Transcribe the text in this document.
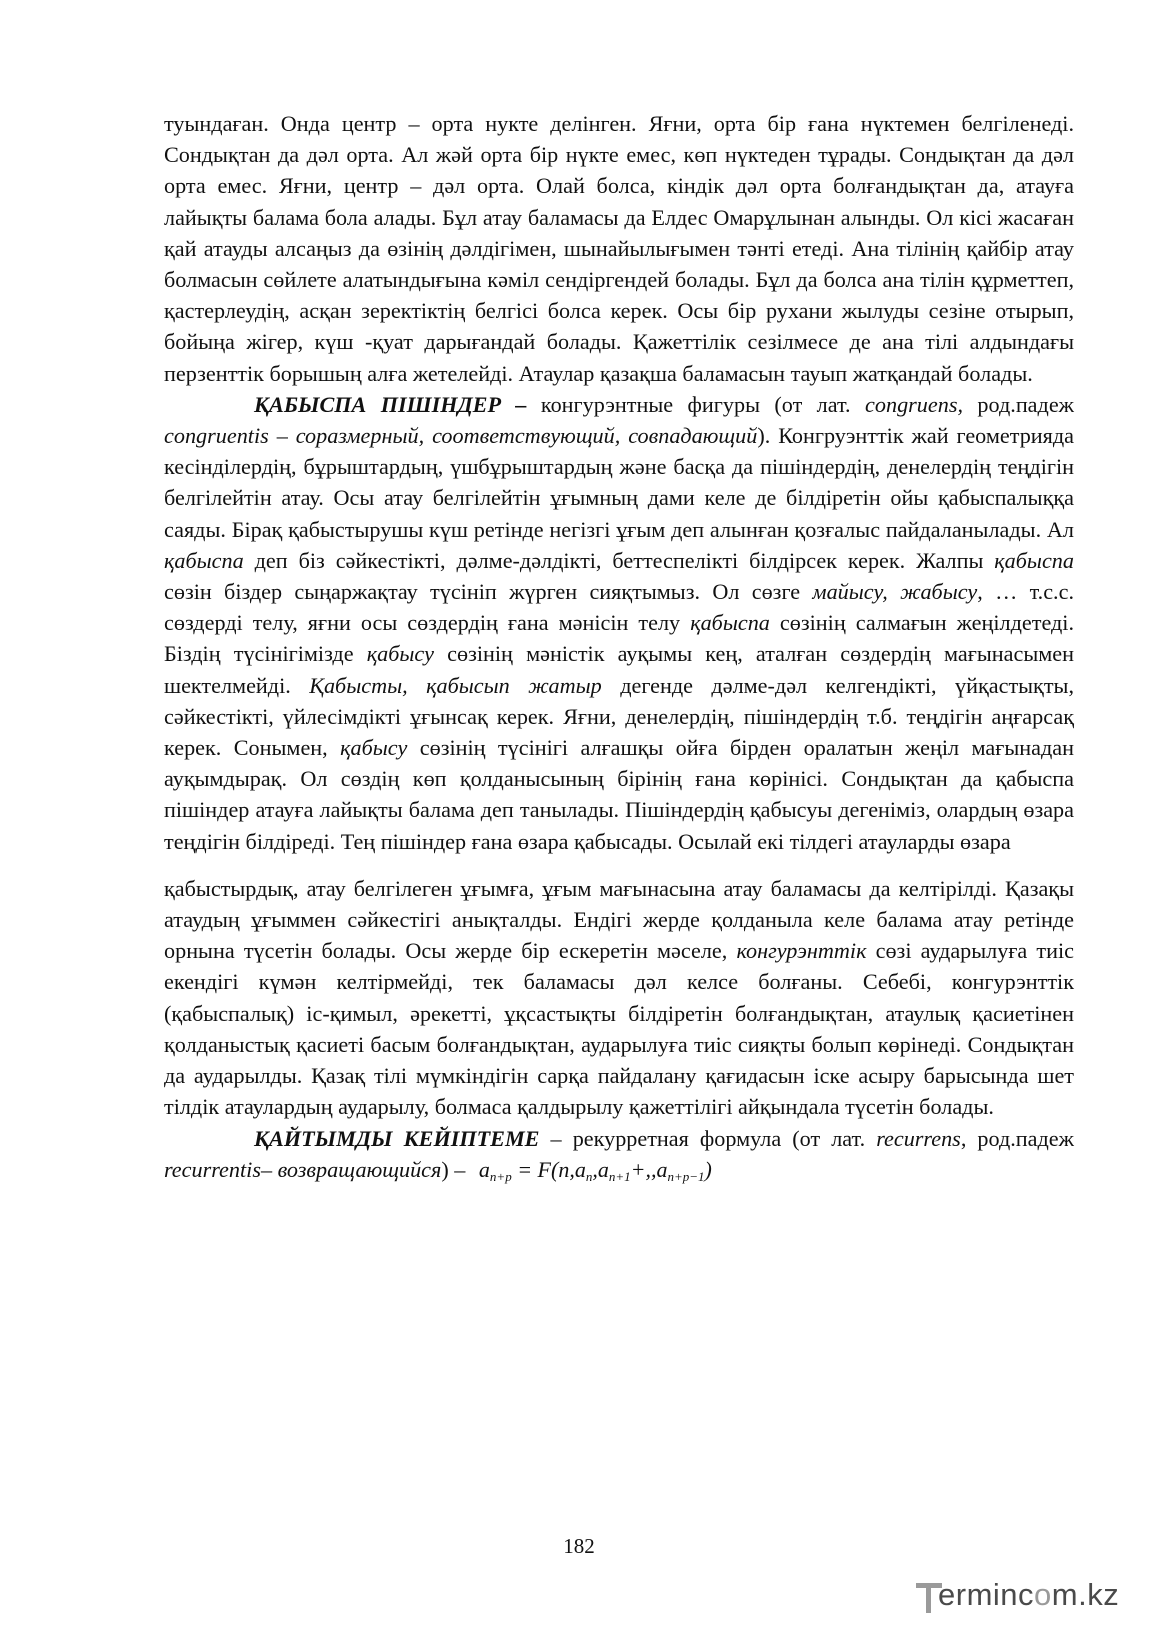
туындаған. Онда центр – орта нукте делінген. Яғни, орта бір ғана нүктемен белгіленеді. Сондықтан да дәл орта. Ал жәй орта бір нүкте емес, көп нүктеден тұрады. Сондықтан да дәл орта емес. Яғни, центр – дәл орта. Олай болса, кіндік дәл орта болғандықтан да, атауға лайықты балама бола алады. Бұл атау баламасы да Елдес Омарұлынан алынды. Ол кісі жасаған қай атауды алсаңыз да өзінің дәлдігімен, шынайылығымен тәнті етеді. Ана тілінің қайбір атау болмасын сөйлете алатындығына кәміл сендіргендей болады. Бұл да болса ана тілін құрметтеп, қастерлеудің, асқан зеректіктің белгісі болса керек. Осы бір рухани жылуды сезіне отырып, бойыңа жігер, күш -қуат дарығандай болады. Қажеттілік сезілмесе де ана тілі алдындағы перзенттік борышың алға жетелейді. Атаулар қазақша баламасын тауып жатқандай болады.

ҚАБЫСПА ПІШІНДЕР – конгурэнтные фигуры (от лат. congruens, род.падеж congruentis – соразмерный, соответствующий, совпадающий). Конгруэнттік жай геометрияда кесінділердің, бұрыштардың, үшбұрыштардың және басқа да пішіндердің, денелердің теңдігін белгілейтін атау. Осы атау белгілейтін ұғымның дами келе де білдіретін ойы қабыспалыққа саяды. Бірақ қабыстырушы күш ретінде негізгі ұғым деп алынған қозғалыс пайдаланылады. Ал қабыспа деп біз сәйкестікті, дәлме-дәлдікті, беттеспелікті білдірсек керек. Жалпы қабыспа сөзін біздер сыңаржақтау түсініп жүрген сияқтымыз. Ол сөзге майысу, жабысу, … т.с.с. сөздерді телу, яғни осы сөздердің ғана мәнісін телу қабыспа сөзінің салмағын жеңілдетеді. Біздің түсінігімізде қабысу сөзінің мәністік ауқымы кең, аталған сөздердің мағынасымен шектелмейді. Қабысты, қабысып жатыр дегенде дәлме-дәл келгендікті, үйқастықты, сәйкестікті, үйлесімдікті ұғынсақ керек. Яғни, денелердің, пішіндердің т.б. теңдігін аңғарсақ керек. Сонымен, қабысу сөзінің түсінігі алғашқы ойға бірден оралатын жеңіл мағынадан ауқымдырақ. Ол сөздің көп қолданысының бірінің ғана көрінісі. Сондықтан да қабыспа пішіндер атауға лайықты балама деп танылады. Пішіндердің қабысуы дегеніміз, олардың өзара теңдігін білдіреді. Тең пішіндер ғана өзара қабысады. Осылай екі тілдегі атауларды өзара

қабыстырдық, атау белгілеген ұғымға, ұғым мағынасына атау баламасы да келтірілді. Қазақы атаудың ұғыммен сәйкестігі анықталды. Ендігі жерде қолданыла келе балама атау ретінде орнына түсетін болады. Осы жерде бір ескеретін мәселе, конгурэнттік сөзі аударылуға тиіс екендігі күмән келтірмейді, тек баламасы дәл келсе болғаны. Себебі, конгурэнттік (қабыспалық) іс-қимыл, әрекетті, ұқсастықты білдіретін болғандықтан, атаулық қасиетінен қолданыстық қасиеті басым болғандықтан, аударылуға тиіс сияқты болып көрінеді. Сондықтан да аударылды. Қазақ тілі мүмкіндігін сарқа пайдалану қағидасын іске асыру барысында шет тілдік атаулардың аударылу, болмаса қалдырылу қажеттілігі айқындала түсетін болады.

ҚАЙТЫМДЫ КЕЙІПТЕМЕ – рекурретная формула (от лат. recurrens, род.падеж recurrentis– возвращающийся) – $a_{n+p} = F(n,a_n,a_{n+1}+,,a_{n+p-1})$

182
ermincom.kz
